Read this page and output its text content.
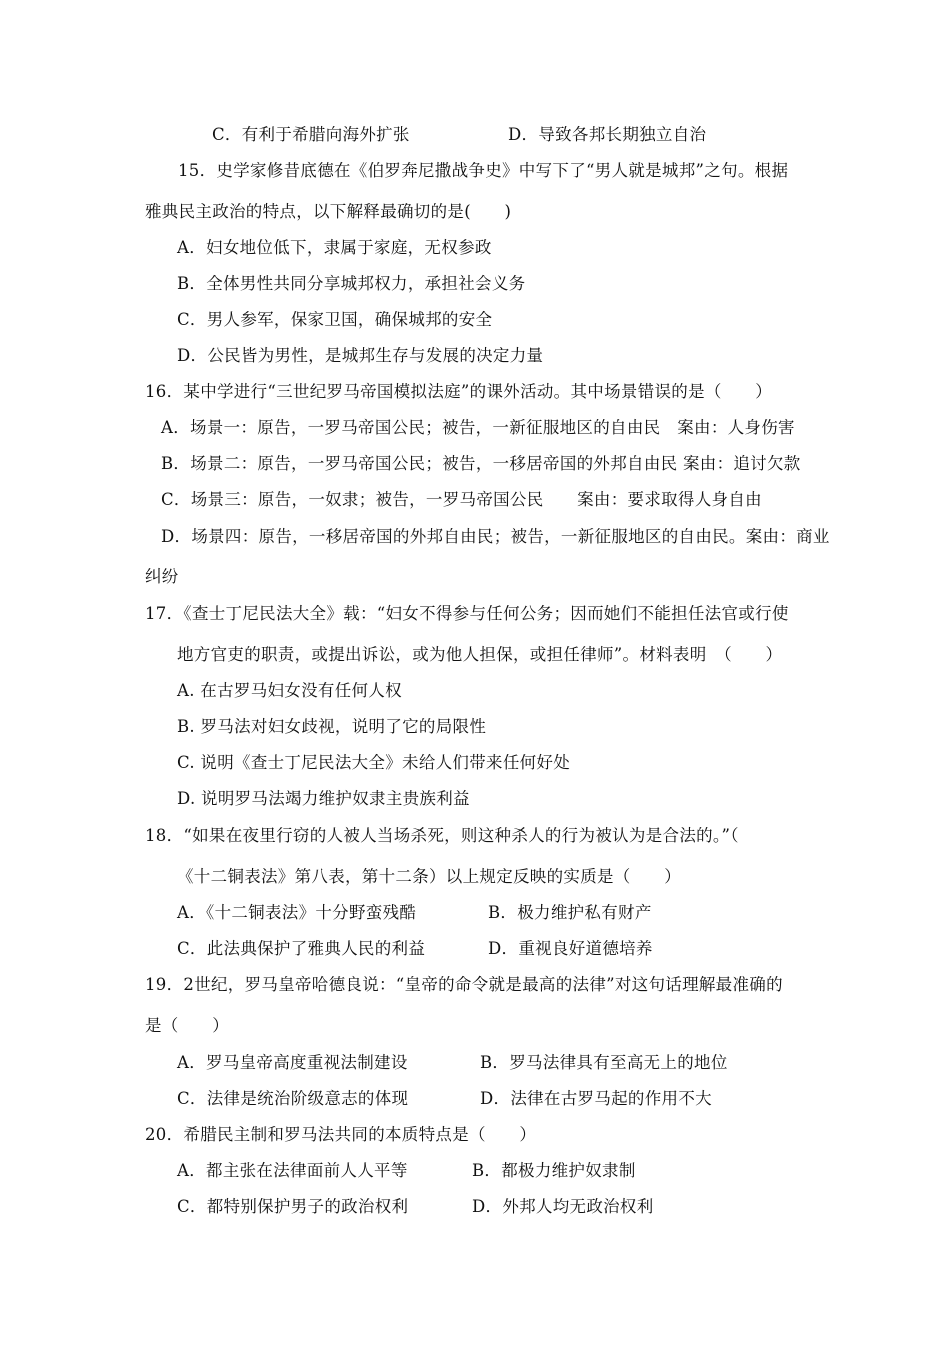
C．有利于希腊向海外扩张	D．导致各邦长期独立自治
15．史学家修昔底德在《伯罗奔尼撒战争史》中写下了“男人就是城邦”之句。根据
雅典民主政治的特点，以下解释最确切的是(　　)
A．妇女地位低下，隶属于家庭，无权参政
B．全体男性共同分享城邦权力，承担社会义务
C．男人参军，保家卫国，确保城邦的安全
D．公民皆为男性，是城邦生存与发展的决定力量
16．某中学进行“三世纪罗马帝国模拟法庭”的课外活动。其中场景错误的是（　　）
A．场景一：原告，一罗马帝国公民；被告，一新征服地区的自由民　案由：人身伤害
B．场景二：原告，一罗马帝国公民；被告，一移居帝国的外邦自由民 案由：追讨欠款
C．场景三：原告，一奴隶；被告，一罗马帝国公民　　案由：要求取得人身自由
D．场景四：原告，一移居帝国的外邦自由民；被告，一新征服地区的自由民。案由：商业
纠纷
17．《查士丁尼民法大全》载：“妇女不得参与任何公务；因而她们不能担任法官或行使
地方官吏的职责，或提出诉讼，或为他人担保，或担任律师”。材料表明　（　　）
A. 在古罗马妇女没有任何人权
B. 罗马法对妇女歧视，说明了它的局限性
C. 说明《查士丁尼民法大全》未给人们带来任何好处
D. 说明罗马法竭力维护奴隶主贵族利益
18．“如果在夜里行窃的人被人当场杀死，则这种杀人的行为被认为是合法的。”（
《十二铜表法》第八表，第十二条）以上规定反映的实质是（　　）
A．《十二铜表法》十分野蛮残酷	B．极力维护私有财产
C．此法典保护了雅典人民的利益	D．重视良好道德培养
19．2世纪，罗马皇帝哈德良说：“皇帝的命令就是最高的法律”对这句话理解最准确的
是（　　）
A．罗马皇帝高度重视法制建设	B．罗马法律具有至高无上的地位
C．法律是统治阶级意志的体现	D．法律在古罗马起的作用不大
20．希腊民主制和罗马法共同的本质特点是（　　）
A．都主张在法律面前人人平等	B．都极力维护奴隶制
C．都特别保护男子的政治权利	D．外邦人均无政治权利
